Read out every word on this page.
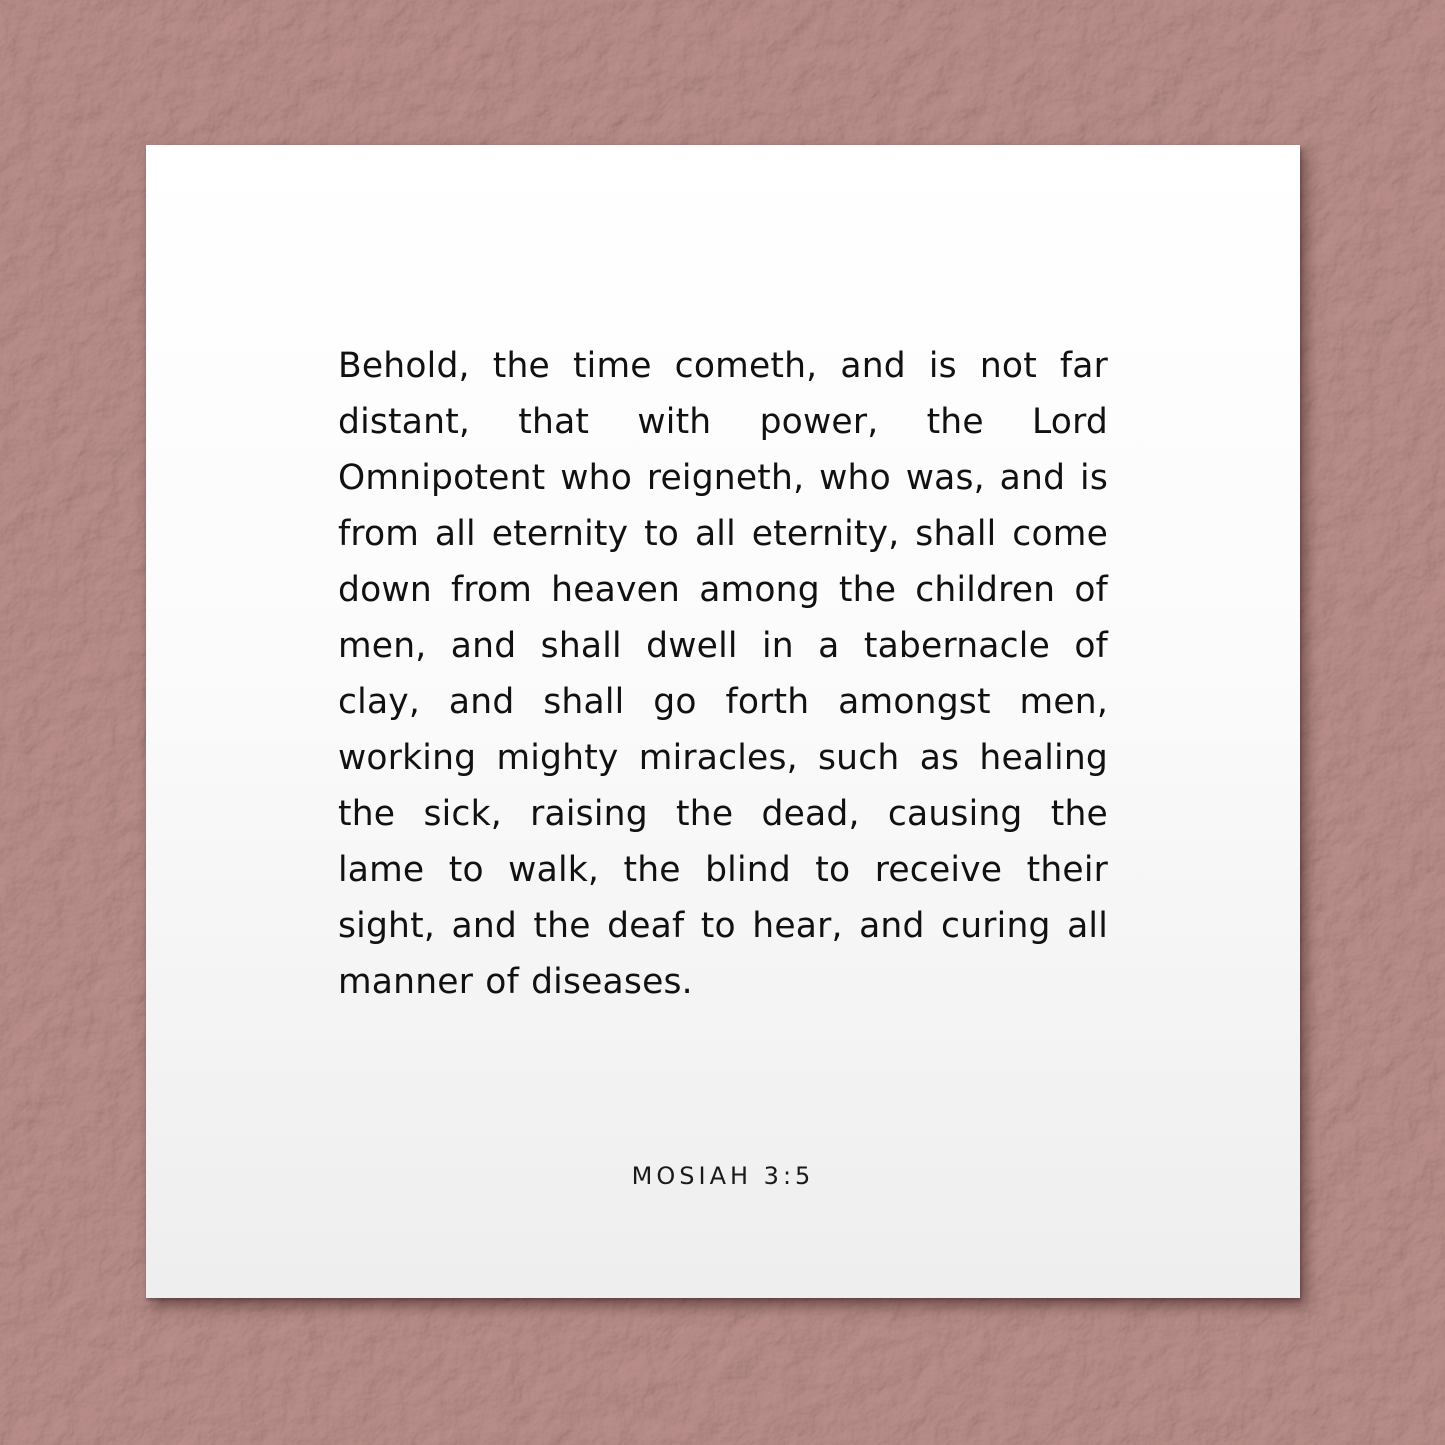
Behold, the time cometh, and is not far distant, that with power, the Lord Omnipotent who reigneth, who was, and is from all eternity to all eternity, shall come down from heaven among the children of men, and shall dwell in a tabernacle of clay, and shall go forth amongst men, working mighty miracles, such as healing the sick, raising the dead, causing the lame to walk, the blind to receive their sight, and the deaf to hear, and curing all manner of diseases.

MOSIAH 3:5
